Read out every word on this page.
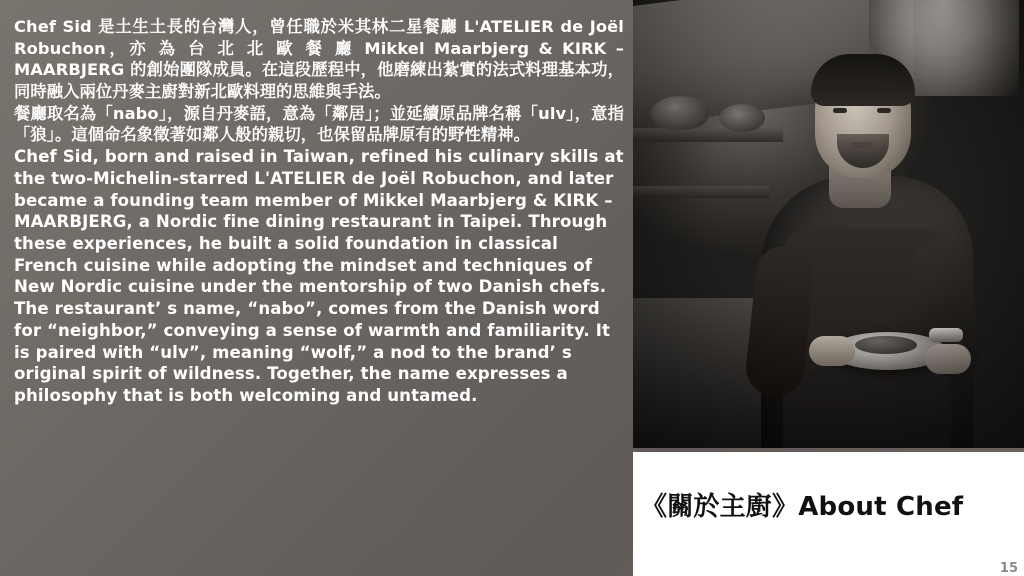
Chef Sid 是土生土長的台灣人，曾任職於米其林二星餐廳 L'ATELIER de Joël Robuchon，亦 為 台 北 北 歐 餐 廳 Mikkel Maarbjerg & KIRK – MAARBJERG 的創始團隊成員。在這段歷程中，他磨練出紮實的法式料理基本功，同時融入兩位丹麥主廚對新北歐料理的思維與手法。

餐廳取名為「nabo」，源自丹麥語，意為「鄰居」；並延續原品牌名稱「ulv」，意指「狼」。這個命名象徵著如鄰人般的親切，也保留品牌原有的野性精神。

Chef Sid, born and raised in Taiwan, refined his culinary skills at the two-Michelin-starred L'ATELIER de Joël Robuchon, and later became a founding team member of Mikkel Maarbjerg & KIRK – MAARBJERG, a Nordic fine dining restaurant in Taipei. Through these experiences, he built a solid foundation in classical French cuisine while adopting the mindset and techniques of New Nordic cuisine under the mentorship of two Danish chefs.

The restaurant’ s name, “nabo”, comes from the Danish word for “neighbor,” conveying a sense of warmth and familiarity. It is paired with “ulv”, meaning “wolf,” a nod to the brand’ s original spirit of wildness. Together, the name expresses a philosophy that is both welcoming and untamed.

《關於主廚》About Chef
15
